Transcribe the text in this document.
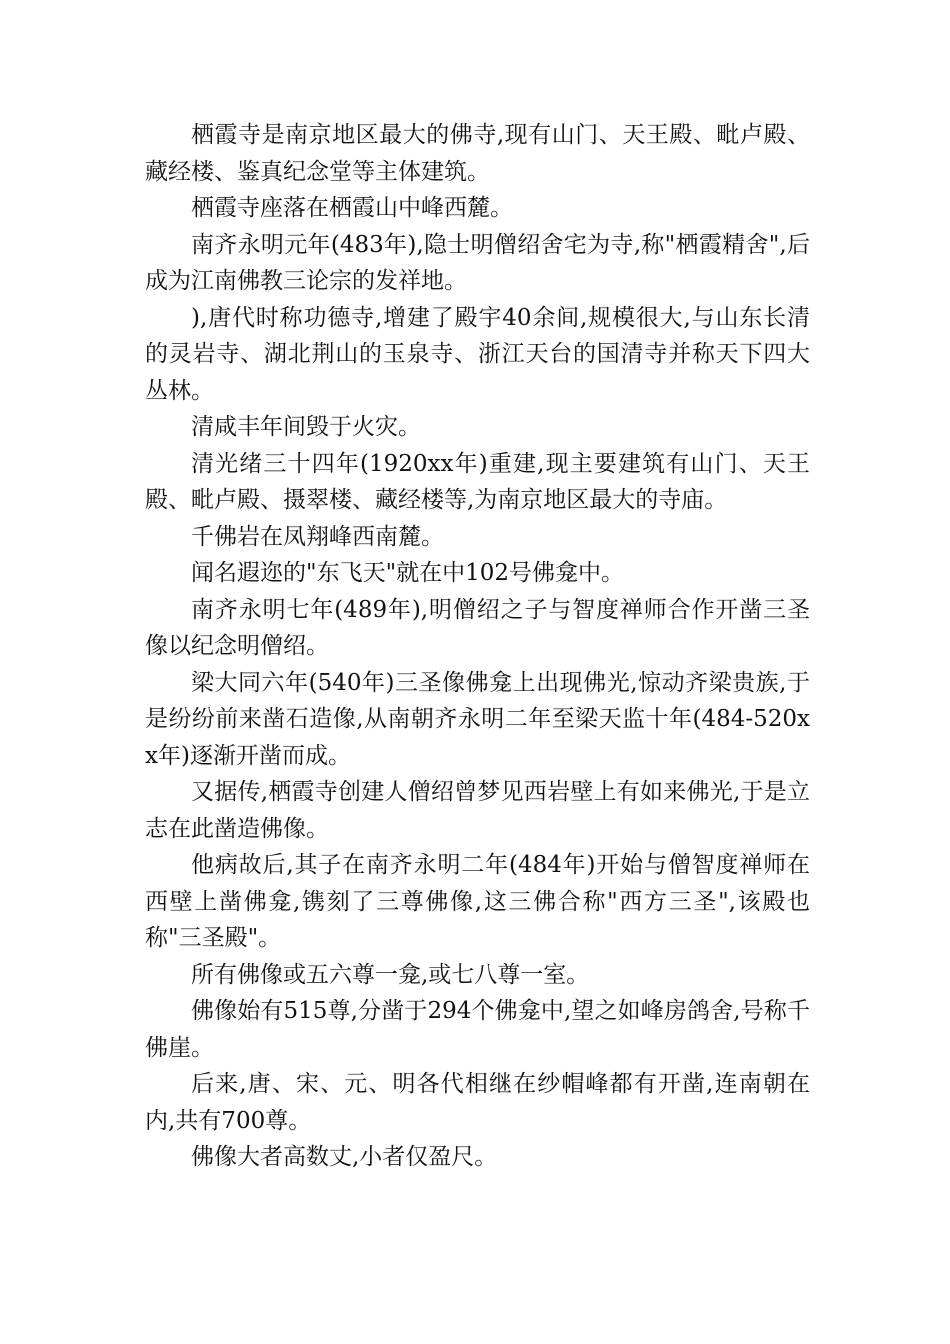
栖霞寺是南京地区最大的佛寺,现有山门、天王殿、毗卢殿、藏经楼、鉴真纪念堂等主体建筑。

栖霞寺座落在栖霞山中峰西麓。

南齐永明元年(483年),隐士明僧绍舍宅为寺,称"栖霞精舍",后成为江南佛教三论宗的发祥地。

),唐代时称功德寺,增建了殿宇40余间,规模很大,与山东长清的灵岩寺、湖北荆山的玉泉寺、浙江天台的国清寺并称天下四大丛林。

清咸丰年间毁于火灾。

清光绪三十四年(1920xx年)重建,现主要建筑有山门、天王殿、毗卢殿、摄翠楼、藏经楼等,为南京地区最大的寺庙。

千佛岩在凤翔峰西南麓。

闻名遐迩的"东飞天"就在中102号佛龛中。

南齐永明七年(489年),明僧绍之子与智度禅师合作开凿三圣像以纪念明僧绍。

梁大同六年(540年)三圣像佛龛上出现佛光,惊动齐梁贵族,于是纷纷前来凿石造像,从南朝齐永明二年至梁天监十年(484-520xx年)逐渐开凿而成。

又据传,栖霞寺创建人僧绍曾梦见西岩壁上有如来佛光,于是立志在此凿造佛像。

他病故后,其子在南齐永明二年(484年)开始与僧智度禅师在西壁上凿佛龛,镌刻了三尊佛像,这三佛合称"西方三圣",该殿也称"三圣殿"。

所有佛像或五六尊一龛,或七八尊一室。

佛像始有515尊,分凿于294个佛龛中,望之如峰房鸽舍,号称千佛崖。

后来,唐、宋、元、明各代相继在纱帽峰都有开凿,连南朝在内,共有700尊。

佛像大者高数丈,小者仅盈尺。
